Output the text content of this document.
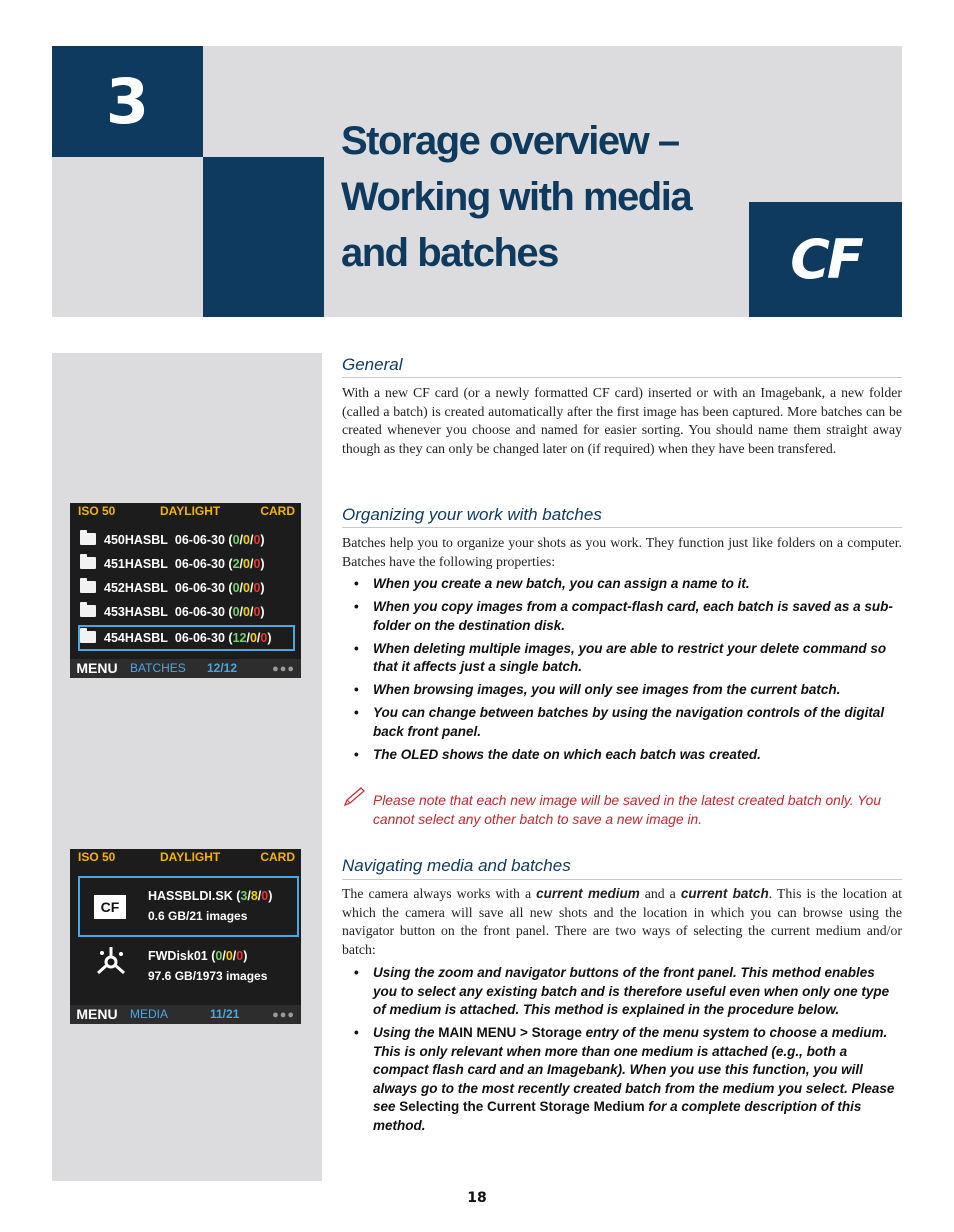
3
CF
Storage overview –
Working with media
and batches
ISO 50	DAYLIGHT	CARD
450HASBL 06-06-30 (0/0/0)
451HASBL 06-06-30 (2/0/0)
452HASBL 06-06-30 (0/0/0)
453HASBL 06-06-30 (0/0/0)
454HASBL 06-06-30 (12/0/0)
MENU	BATCHES 12/12	●●●
ISO 50	DAYLIGHT	CARD
CF
HASSBLDI.SK (3/8/0)
0.6 GB/21 images
FWDisk01 (0/0/0)
97.6 GB/1973 images
MENU	MEDIA	11/21	●●●
General
With a new CF card (or a newly formatted CF card) inserted or with an Imagebank, a new folder (called a batch) is created automatically after the first image has been captured. More batches can be created whenever you choose and named for easier sorting. You should name them straight away though as they can only be changed later on (if required) when they have been transfered.
Organizing your work with batches
Batches help you to organize your shots as you work. They function just like folders on a computer. Batches have the following properties:
• When you create a new batch, you can assign a name to it.
• When you copy images from a compact-flash card, each batch is saved as a sub-folder on the destination disk.
• When deleting multiple images, you are able to restrict your delete command so that it affects just a single batch.
• When browsing images, you will only see images from the current batch.
• You can change between batches by using the navigation controls of the digital back front panel.
• The OLED shows the date on which each batch was created.
Please note that each new image will be saved in the latest created batch only. You cannot select any other batch to save a new image in.
Navigating media and batches
The camera always works with a current medium and a current batch. This is the location at which the camera will save all new shots and the location in which you can browse using the navigator button on the front panel. There are two ways of selecting the current medium and/or batch:
• Using the zoom and navigator buttons of the front panel. This method enables you to select any existing batch and is therefore useful even when only one type of medium is attached. This method is explained in the procedure below.
• Using the MAIN MENU > Storage entry of the menu system to choose a medium. This is only relevant when more than one medium is attached (e.g., both a compact flash card and an Imagebank). When you use this function, you will always go to the most recently created batch from the medium you select. Please see Selecting the Current Storage Medium for a complete description of this method.
18
